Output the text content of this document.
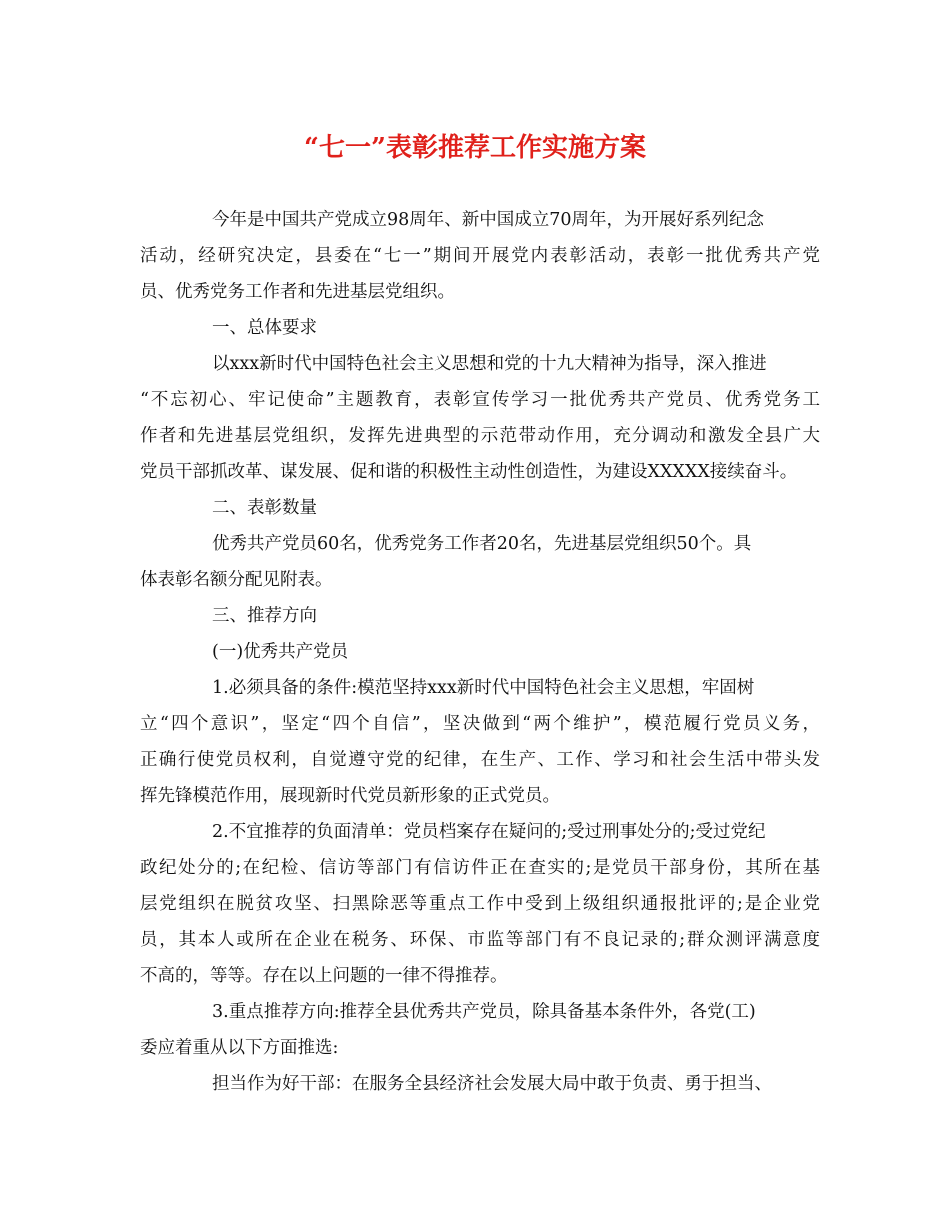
“七一”表彰推荐工作实施方案
今年是中国共产党成立98周年、新中国成立70周年，为开展好系列纪念
活动，经研究决定，县委在“七一”期间开展党内表彰活动，表彰一批优秀共产党
员、优秀党务工作者和先进基层党组织。
一、总体要求
以xxx新时代中国特色社会主义思想和党的十九大精神为指导，深入推进
“不忘初心、牢记使命”主题教育，表彰宣传学习一批优秀共产党员、优秀党务工
作者和先进基层党组织，发挥先进典型的示范带动作用，充分调动和激发全县广大
党员干部抓改革、谋发展、促和谐的积极性主动性创造性，为建设XXXXX接续奋斗。
二、表彰数量
优秀共产党员60名，优秀党务工作者20名，先进基层党组织50个。具
体表彰名额分配见附表。
三、推荐方向
(一)优秀共产党员
1.必须具备的条件:模范坚持xxx新时代中国特色社会主义思想，牢固树
立“四个意识”，坚定“四个自信”，坚决做到“两个维护”，模范履行党员义务，
正确行使党员权利，自觉遵守党的纪律，在生产、工作、学习和社会生活中带头发
挥先锋模范作用，展现新时代党员新形象的正式党员。
2.不宜推荐的负面清单：党员档案存在疑问的;受过刑事处分的;受过党纪
政纪处分的;在纪检、信访等部门有信访件正在查实的;是党员干部身份，其所在基
层党组织在脱贫攻坚、扫黑除恶等重点工作中受到上级组织通报批评的;是企业党
员，其本人或所在企业在税务、环保、市监等部门有不良记录的;群众测评满意度
不高的，等等。存在以上问题的一律不得推荐。
3.重点推荐方向:推荐全县优秀共产党员，除具备基本条件外，各党(工)
委应着重从以下方面推选:
担当作为好干部：在服务全县经济社会发展大局中敢于负责、勇于担当、
